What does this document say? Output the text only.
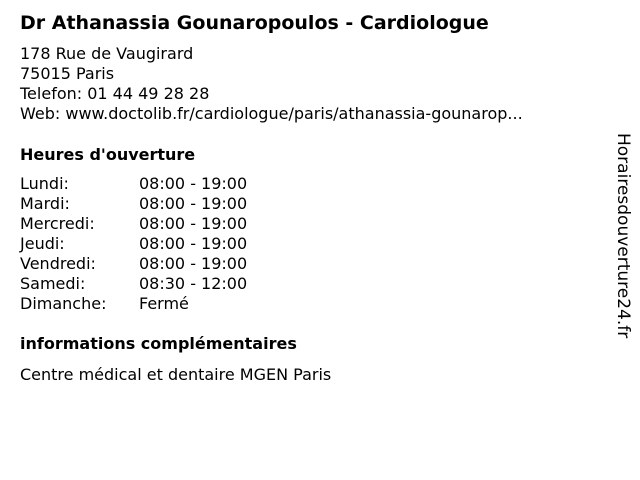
Dr Athanassia Gounaropoulos - Cardiologue
178 Rue de Vaugirard
75015 Paris
Telefon: 01 44 49 28 28
Web: www.doctolib.fr/cardiologue/paris/athanassia-gounarop...
Heures d'ouverture
Lundi:	08:00 - 19:00
Mardi:	08:00 - 19:00
Mercredi:	08:00 - 19:00
Jeudi:	08:00 - 19:00
Vendredi:	08:00 - 19:00
Samedi:	08:30 - 12:00
Dimanche: Fermé
informations complémentaires
Centre médical et dentaire MGEN Paris
Horairesdouverture24.fr
